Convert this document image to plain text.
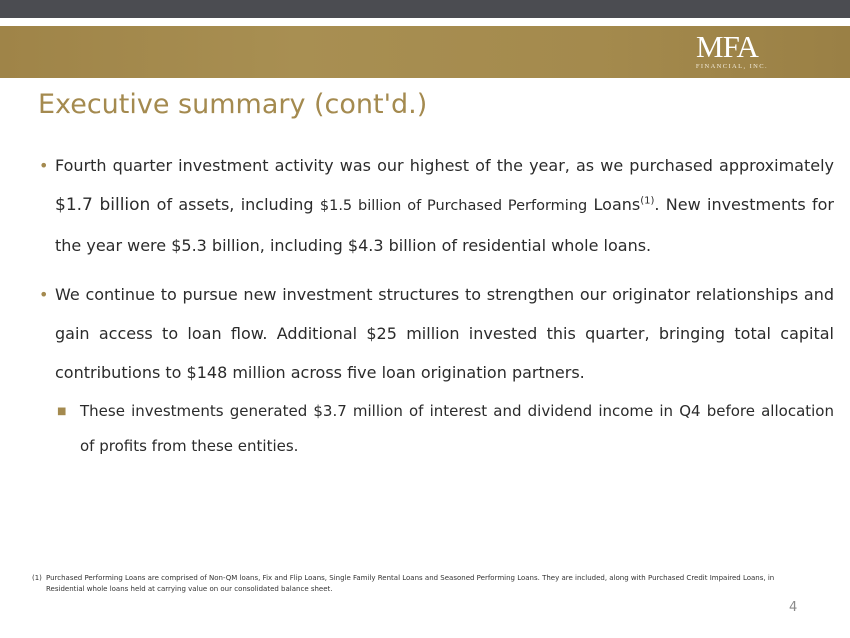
MFA
FINANCIAL, INC.
Executive summary (cont'd.)
• Fourth quarter investment activity was our highest of the year, as we purchased approximately $1.7 billion of assets, including $1.5 billion of Purchased Performing Loans$^{(1)}$. New investments for the year were $5.3 billion, including $4.3 billion of residential whole loans.
• We continue to pursue new investment structures to strengthen our originator relationships and gain access to loan flow. Additional $25 million invested this quarter, bringing total capital contributions to $148 million across five loan origination partners.
■ These investments generated $3.7 million of interest and dividend income in Q4 before allocation of profits from these entities.
(1) Purchased Performing Loans are comprised of Non-QM loans, Fix and Flip Loans, Single Family Rental Loans and Seasoned Performing Loans. They are included, along with Purchased Credit Impaired Loans, in Residential whole loans held at carrying value on our consolidated balance sheet.
4
